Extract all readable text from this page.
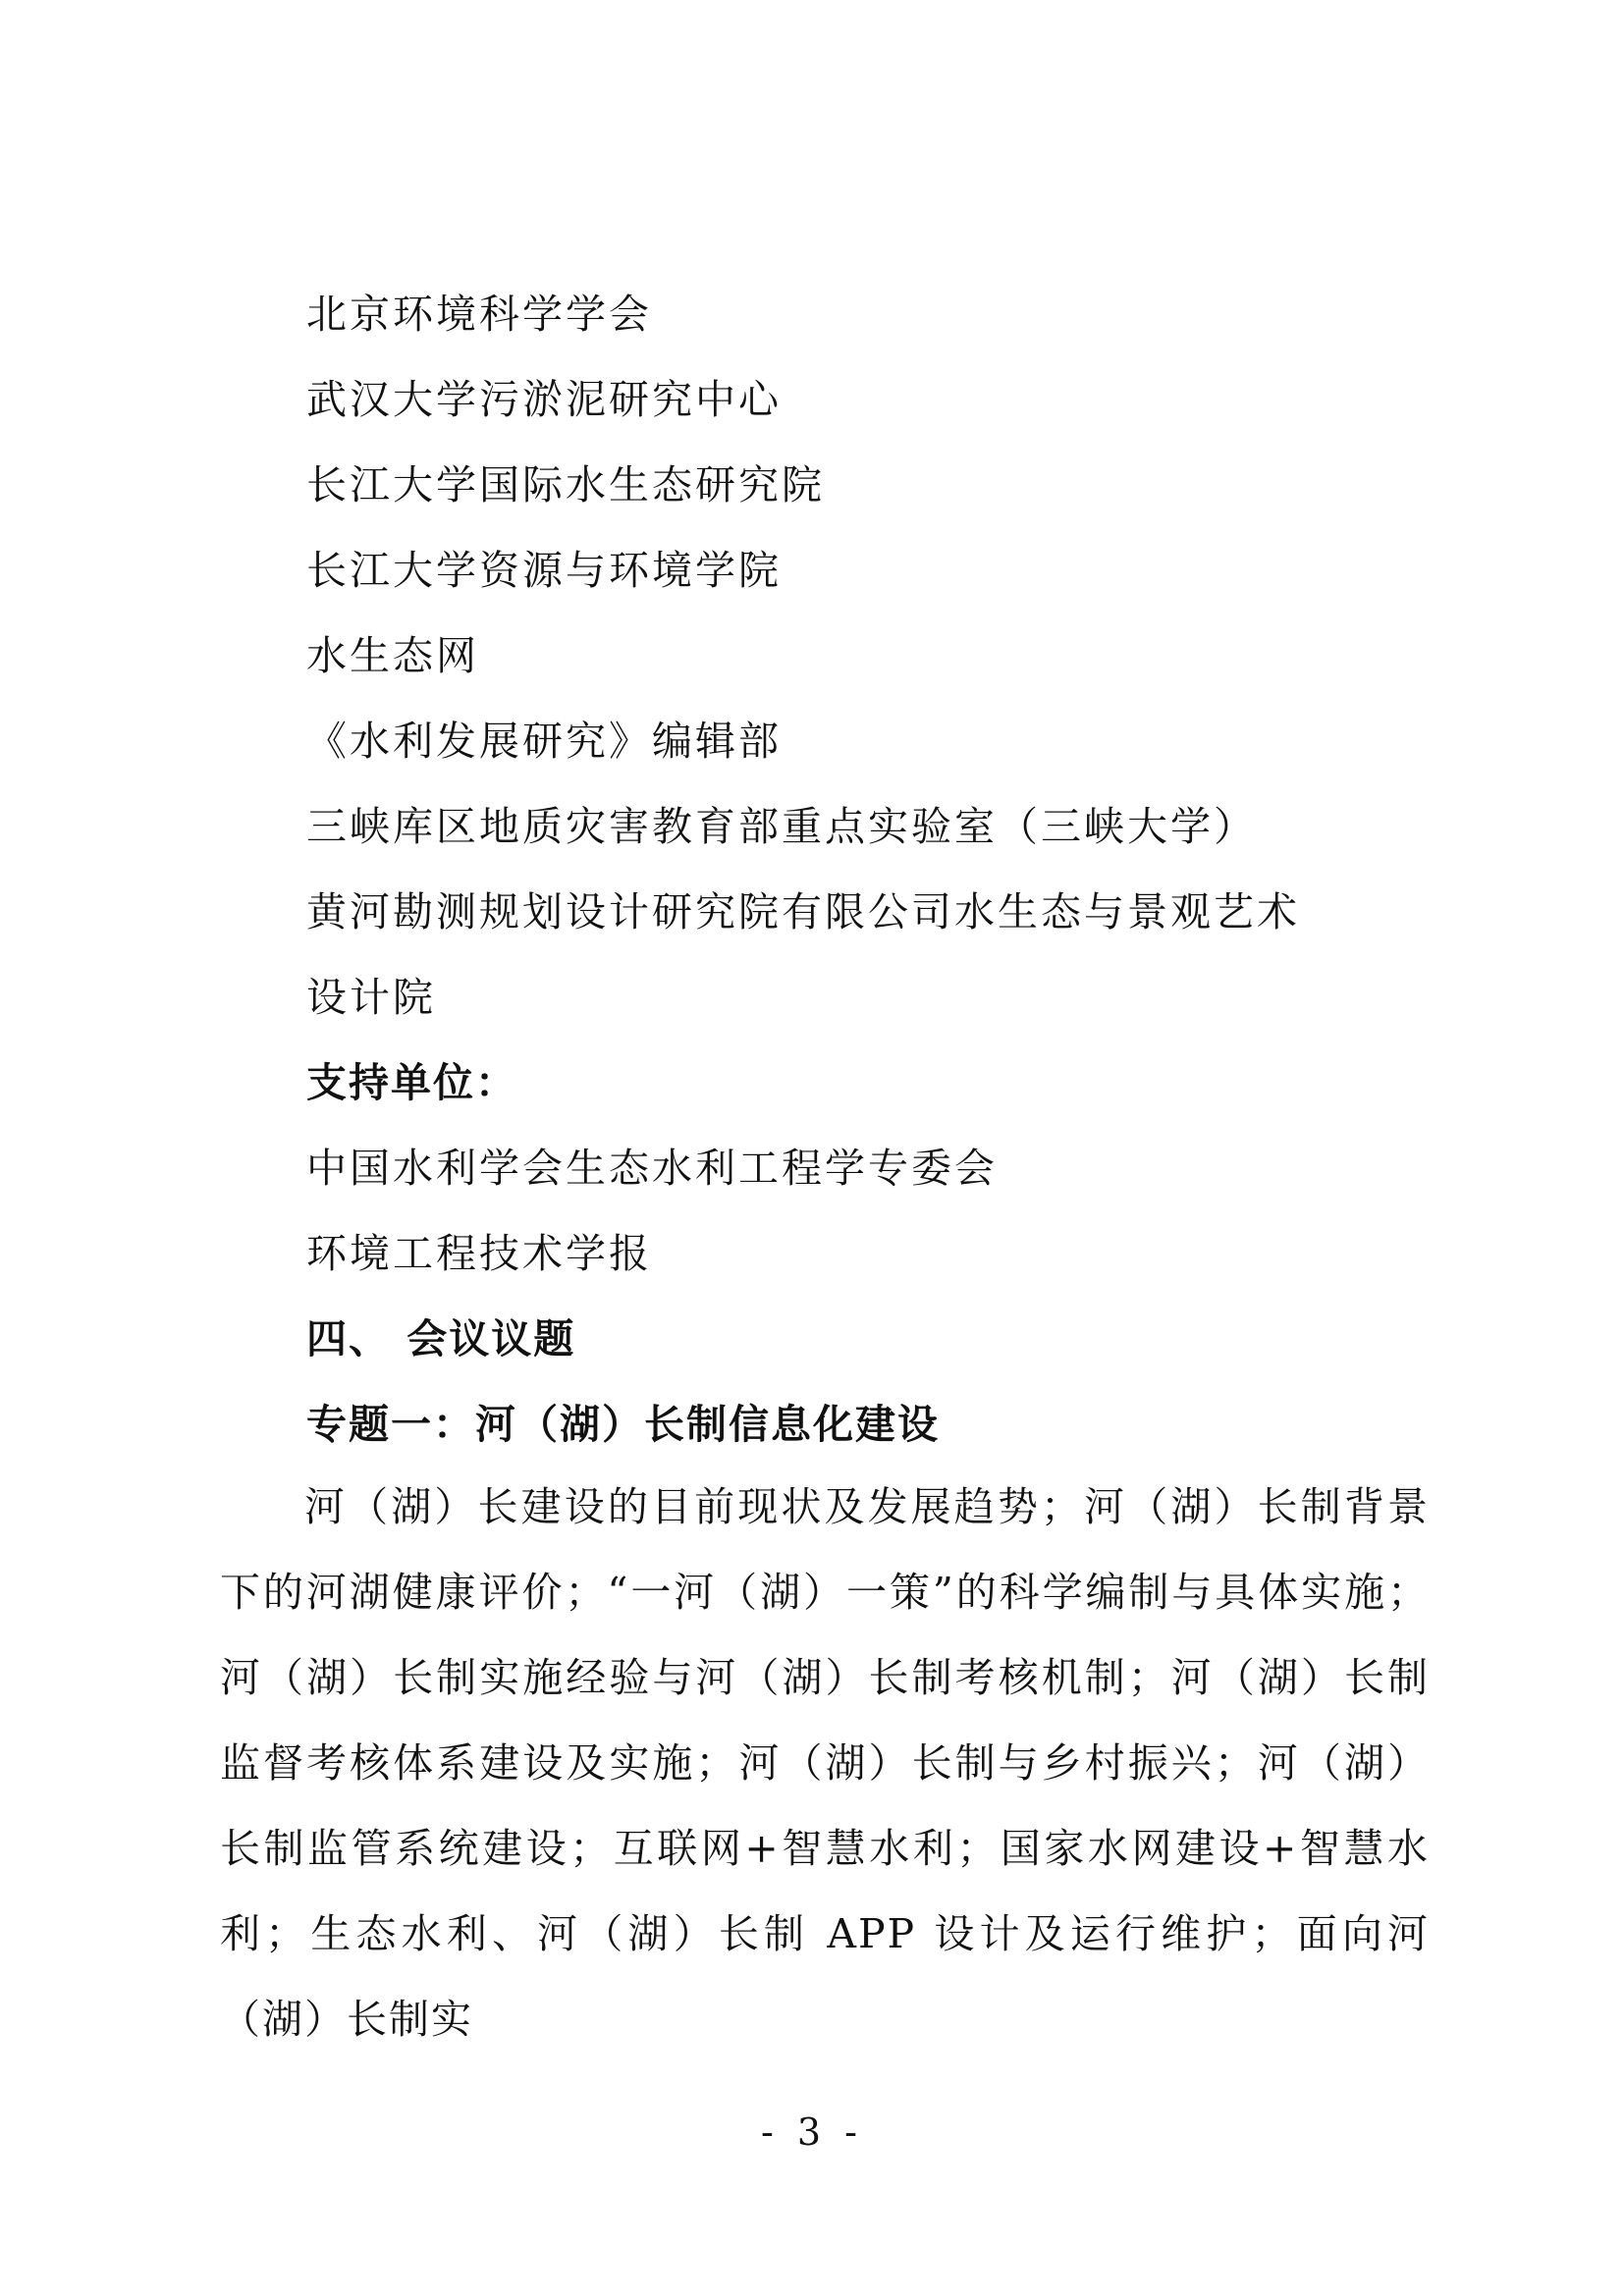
北京环境科学学会
武汉大学污淤泥研究中心
长江大学国际水生态研究院
长江大学资源与环境学院
水生态网
《水利发展研究》编辑部
三峡库区地质灾害教育部重点实验室（三峡大学）
黄河勘测规划设计研究院有限公司水生态与景观艺术
设计院
支持单位：
中国水利学会生态水利工程学专委会
环境工程技术学报
四、 会议议题
专题一：河（湖）长制信息化建设

河（湖）长建设的目前现状及发展趋势；河（湖）长制背景下的河湖健康评价；“一河（湖）一策”的科学编制与具体实施；河（湖）长制实施经验与河（湖）长制考核机制；河（湖）长制监督考核体系建设及实施；河（湖）长制与乡村振兴；河（湖）长制监管系统建设；互联网+智慧水利；国家水网建设+智慧水利；生态水利、河（湖）长制 APP 设计及运行维护；面向河（湖）长制实

- 3 -
